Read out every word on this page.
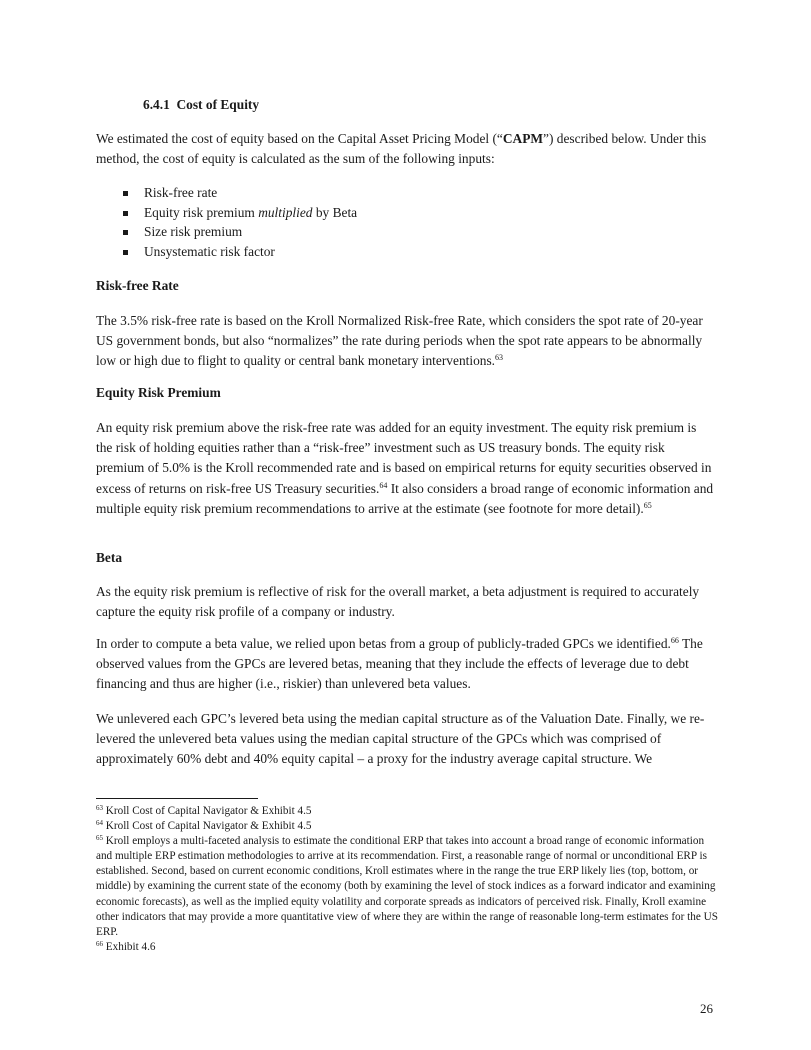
6.4.1 Cost of Equity
We estimated the cost of equity based on the Capital Asset Pricing Model (“CAPM”) described below. Under this method, the cost of equity is calculated as the sum of the following inputs:
Risk-free rate
Equity risk premium multiplied by Beta
Size risk premium
Unsystematic risk factor
Risk-free Rate
The 3.5% risk-free rate is based on the Kroll Normalized Risk-free Rate, which considers the spot rate of 20-year US government bonds, but also “normalizes” the rate during periods when the spot rate appears to be abnormally low or high due to flight to quality or central bank monetary interventions.$^{63}$
Equity Risk Premium
An equity risk premium above the risk-free rate was added for an equity investment. The equity risk premium is the risk of holding equities rather than a “risk-free” investment such as US treasury bonds. The equity risk premium of 5.0% is the Kroll recommended rate and is based on empirical returns for equity securities observed in excess of returns on risk-free US Treasury securities.$^{64}$ It also considers a broad range of economic information and multiple equity risk premium recommendations to arrive at the estimate (see footnote for more detail).$^{65}$
Beta
As the equity risk premium is reflective of risk for the overall market, a beta adjustment is required to accurately capture the equity risk profile of a company or industry.
In order to compute a beta value, we relied upon betas from a group of publicly-traded GPCs we identified.$^{66}$ The observed values from the GPCs are levered betas, meaning that they include the effects of leverage due to debt financing and thus are higher (i.e., riskier) than unlevered beta values.
We unlevered each GPC’s levered beta using the median capital structure as of the Valuation Date. Finally, we re-levered the unlevered beta values using the median capital structure of the GPCs which was comprised of approximately 60% debt and 40% equity capital – a proxy for the industry average capital structure. We
$^{63}$ Kroll Cost of Capital Navigator & Exhibit 4.5
$^{64}$ Kroll Cost of Capital Navigator & Exhibit 4.5
$^{65}$ Kroll employs a multi-faceted analysis to estimate the conditional ERP that takes into account a broad range of economic information and multiple ERP estimation methodologies to arrive at its recommendation. First, a reasonable range of normal or unconditional ERP is established. Second, based on current economic conditions, Kroll estimates where in the range the true ERP likely lies (top, bottom, or middle) by examining the current state of the economy (both by examining the level of stock indices as a forward indicator and examining economic forecasts), as well as the implied equity volatility and corporate spreads as indicators of perceived risk. Finally, Kroll examine other indicators that may provide a more quantitative view of where they are within the range of reasonable long-term estimates for the US ERP.
$^{66}$ Exhibit 4.6
26
